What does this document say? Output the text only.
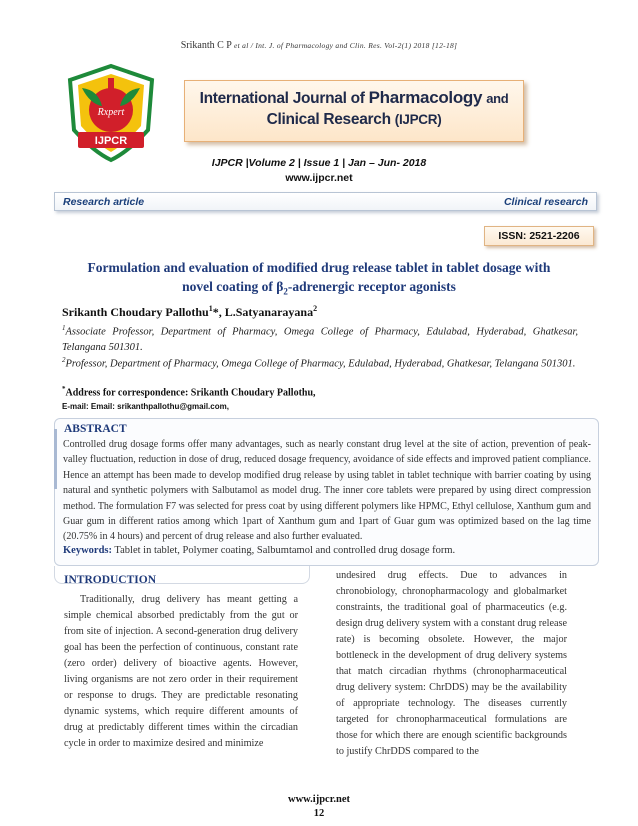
Srikanth C P et al / Int. J. of Pharmacology and Clin. Res. Vol-2(1) 2018 [12-18]
Rxpert
IJPCR
International Journal of Pharmacology and
Clinical Research (IJPCR)
IJPCR |Volume 2 | Issue 1 | Jan – Jun- 2018
www.ijpcr.net
Research article	Clinical research
ISSN: 2521-2206
Formulation and evaluation of modified drug release tablet in tablet dosage with
novel coating of $\beta_2$-adrenergic receptor agonists
Srikanth Choudary Pallothu$^1$*, L.Satyanarayana$^2$
$^1$Associate Professor, Department of Pharmacy, Omega College of Pharmacy, Edulabad, Hyderabad, Ghatkesar, Telangana 501301.
$^2$Professor, Department of Pharmacy, Omega College of Pharmacy, Edulabad, Hyderabad, Ghatkesar, Telangana 501301.
*Address for correspondence: Srikanth Choudary Pallothu,
E-mail: Email: srikanthpallothu@gmail.com,
ABSTRACT
Controlled drug dosage forms offer many advantages, such as nearly constant drug level at the site of action, prevention of peak-valley fluctuation, reduction in dose of drug, reduced dosage frequency, avoidance of side effects and improved patient compliance. Hence an attempt has been made to develop modified drug release by using tablet in tablet technique with barrier coating by using natural and synthetic polymers with Salbutamol as model drug. The inner core tablets were prepared by using direct compression method. The formulation F7 was selected for press coat by using different polymers like HPMC, Ethyl cellulose, Xanthum gum and Guar gum in different ratios among which 1part of Xanthum gum and 1part of Guar gum was optimized based on the lag time (20.75% in 4 hours) and percent of drug release and also further evaluated.
Keywords: Tablet in tablet, Polymer coating, Salbumtamol and controlled drug dosage form.
INTRODUCTION
Traditionally, drug delivery has meant getting a simple chemical absorbed predictably from the gut or from site of injection. A second-generation drug delivery goal has been the perfection of continuous, constant rate (zero order) delivery of bioactive agents. However, living organisms are not zero order in their requirement or response to drugs. They are predictable resonating dynamic systems, which require different amounts of drug at predictably different times within the circadian cycle in order to maximize desired and minimize
undesired drug effects. Due to advances in chronobiology, chronopharmacology and globalmarket constraints, the traditional goal of pharmaceutics (e.g. design drug delivery system with a constant drug release rate) is becoming obsolete. However, the major bottleneck in the development of drug delivery systems that match circadian rhythms (chronopharmaceutical drug delivery system: ChrDDS) may be the availability of appropriate technology. The diseases currently targeted for chronopharmaceutical formulations are those for which there are enough scientific backgrounds to justify ChrDDS compared to the
www.ijpcr.net
12
